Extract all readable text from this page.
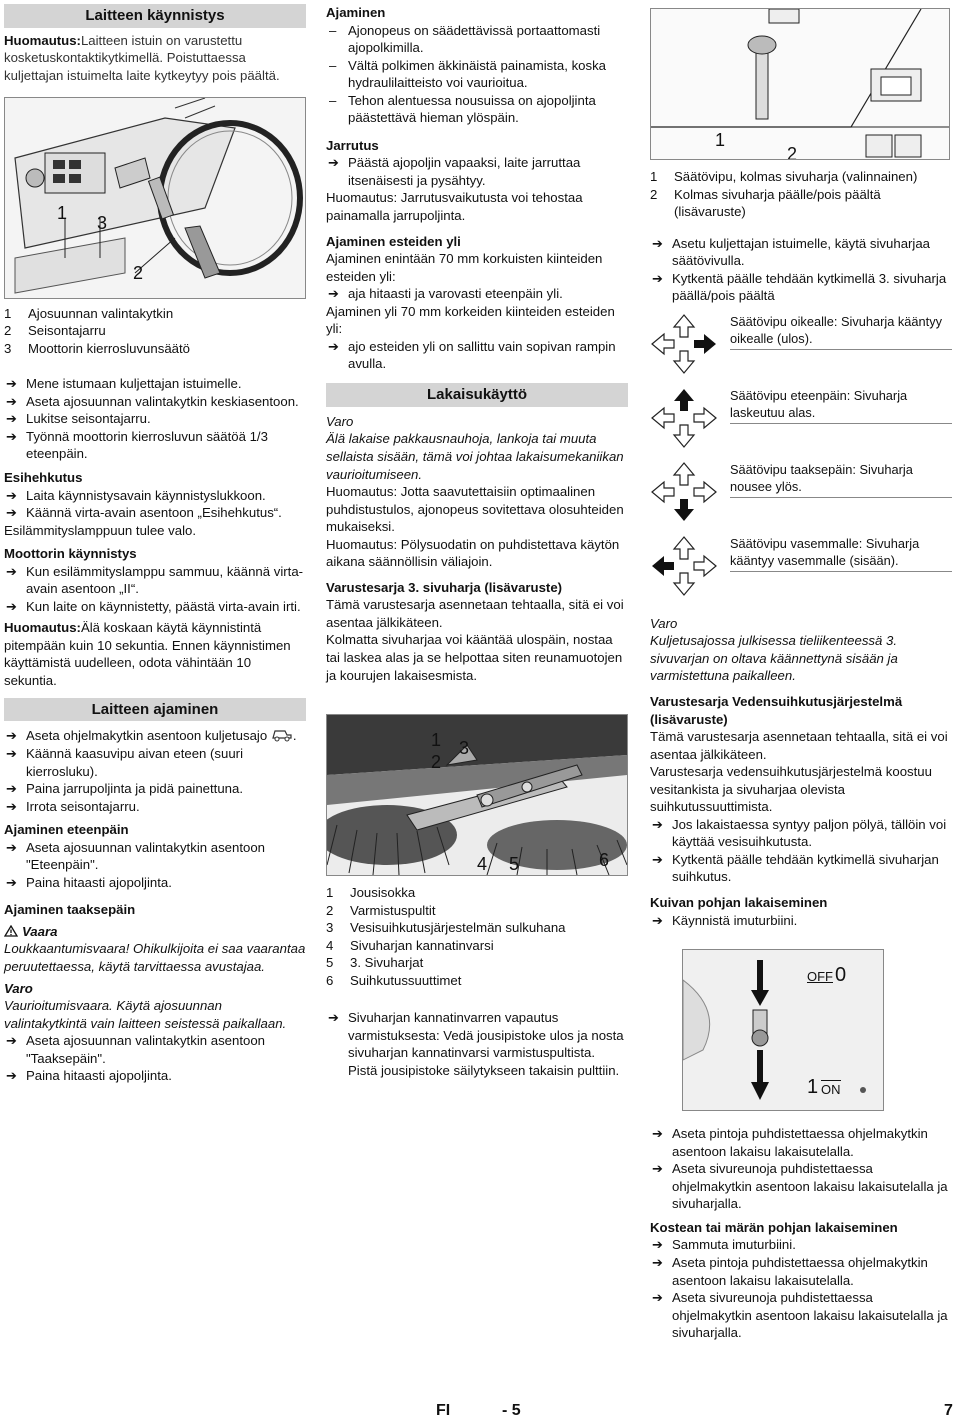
Laitteen käynnistys
Huomautus:Laitteen istuin on varustettu kosketuskontaktikytkimellä. Poistuttaessa kuljettajan istuimelta laite kytkeytyy pois päältä.
1 3
2
1	Ajosuunnan valintakytkin
2	Seisontajarru
3	Moottorin kierrosluvunsäätö
➔ Mene istumaan kuljettajan istuimelle.
➔ Aseta ajosuunnan valintakytkin keskiasentoon.
➔ Lukitse seisontajarru.
➔ Työnnä moottorin kierrosluvun säätöä 1/3 eteenpäin.
Esihehkutus
➔ Laita käynnistysavain käynnistyslukkoon.
➔ Käännä virta-avain asentoon „Esihehkutus“.
Esilämmityslamppuun tulee valo.
Moottorin käynnistys
➔ Kun esilämmityslamppu sammuu, käännä virta-avain asentoon „II“.
➔ Kun laite on käynnistetty, päästä virta-avain irti.
Huomautus:Älä koskaan käytä käynnistintä pitempään kuin 10 sekuntia. Ennen käynnistimen käyttämistä uudelleen, odota vähintään 10 sekuntia.
Laitteen ajaminen
➔ Aseta ohjelmakytkin asentoon kuljetusajo .
➔ Käännä kaasuvipu aivan eteen (suuri kierrosluku).
➔ Paina jarrupoljinta ja pidä painettuna.
➔ Irrota seisontajarru.
Ajaminen eteenpäin
➔ Aseta ajosuunnan valintakytkin asentoon "Eteenpäin".
➔ Paina hitaasti ajopoljinta.
Ajaminen taaksepäin
Vaara
Loukkaantumisvaara! Ohikulkijoita ei saa vaarantaa peruutettaessa, käytä tarvittaessa avustajaa.
Varo
Vaurioitumisvaara. Käytä ajosuunnan valintakytkintä vain laitteen seistessä paikallaan.
➔ Aseta ajosuunnan valintakytkin asentoon "Taaksepäin".
➔ Paina hitaasti ajopoljinta.
Ajaminen
– Ajonopeus on säädettävissä portaattomasti ajopolkimilla.
– Vältä polkimen äkkinäistä painamista, koska hydraulilaitteisto voi vaurioitua.
– Tehon alentuessa nousuissa on ajopoljinta päästettävä hieman ylöspäin.
Jarrutus
➔ Päästä ajopoljin vapaaksi, laite jarruttaa itsenäisesti ja pysähtyy.
Huomautus: Jarrutusvaikutusta voi tehostaa painamalla jarrupoljinta.
Ajaminen esteiden yli
Ajaminen enintään 70 mm korkuisten kiinteiden esteiden yli:
➔ aja hitaasti ja varovasti eteenpäin yli.
Ajaminen yli 70 mm korkeiden kiinteiden esteiden yli:
➔ ajo esteiden yli on sallittu vain sopivan rampin avulla.
Lakaisukäyttö
Varo
Älä lakaise pakkausnauhoja, lankoja tai muuta sellaista sisään, tämä voi johtaa lakaisumekaniikan vaurioitumiseen.
Huomautus: Jotta saavutettaisiin optimaalinen puhdistustulos, ajonopeus sovitettava olosuhteiden mukaiseksi.
Huomautus: Pölysuodatin on puhdistettava käytön aikana säännöllisin väliajoin.
Varustesarja 3. sivuharja (lisävaruste)
Tämä varustesarja asennetaan tehtaalla, sitä ei voi asentaa jälkikäteen.
Kolmatta sivuharjaa voi kääntää ulospäin, nostaa tai laskea alas ja se helpottaa siten reunamuotojen ja kourujen lakaisesmista.
1
2
3
4 5	6
1	Jousisokka
2	Varmistuspultit
3	Vesisuihkutusjärjestelmän sulkuhana
4	Sivuharjan kannatinvarsi
5	3. Sivuharjat
6	Suihkutussuuttimet
➔ Sivuharjan kannatinvarren vapautus varmistuksesta: Vedä jousipistoke ulos ja nosta sivuharjan kannatinvarsi varmistuspultista.
Pistä jousipistoke säilytykseen takaisin pulttiin.
1
2
1	Säätövipu, kolmas sivuharja (valinnainen)
2	Kolmas sivuharja päälle/pois päältä (lisävaruste)
➔ Asetu kuljettajan istuimelle, käytä sivuharjaa säätövivulla.
➔ Kytkentä päälle tehdään kytkimellä 3. sivuharja päällä/pois päältä
Säätövipu oikealle: Sivuharja kääntyy oikealle (ulos).
Säätövipu eteenpäin: Sivuharja laskeutuu alas.
Säätövipu taaksepäin: Sivuharja nousee ylös.
Säätövipu vasemmalle: Sivuharja kääntyy vasemmalle (sisään).
Varo
Kuljetusajossa julkisessa tieliikenteessä 3. sivuvarjan on oltava käännettynä sisään ja varmistettuna paikalleen.
Varustesarja Vedensuihkutusjärjestelmä (lisävaruste)
Tämä varustesarja asennetaan tehtaalla, sitä ei voi asentaa jälkikäteen.
Varustesarja vedensuihkutusjärjestelmä koostuu vesitankista ja sivuharjaa olevista suihkutussuuttimista.
➔ Jos lakaistaessa syntyy paljon pölyä, tällöin voi käyttää vesisuihkutusta.
➔ Kytkentä päälle tehdään kytkimellä sivuharjan suihkutus.
Kuivan pohjan lakaiseminen
➔ Käynnistä imuturbiini.
OFF 0
1 ON
➔ Aseta pintoja puhdistettaessa ohjelmakytkin asentoon lakaisu lakaisutelalla.
➔ Aseta sivureunoja puhdistettaessa ohjelmakytkin asentoon lakaisu lakaisutelalla ja sivuharjalla.
Kostean tai märän pohjan lakaiseminen
➔ Sammuta imuturbiini.
➔ Aseta pintoja puhdistettaessa ohjelmakytkin asentoon lakaisu lakaisutelalla.
➔ Aseta sivureunoja puhdistettaessa ohjelmakytkin asentoon lakaisu lakaisutelalla ja sivuharjalla.
FI	- 5	7
